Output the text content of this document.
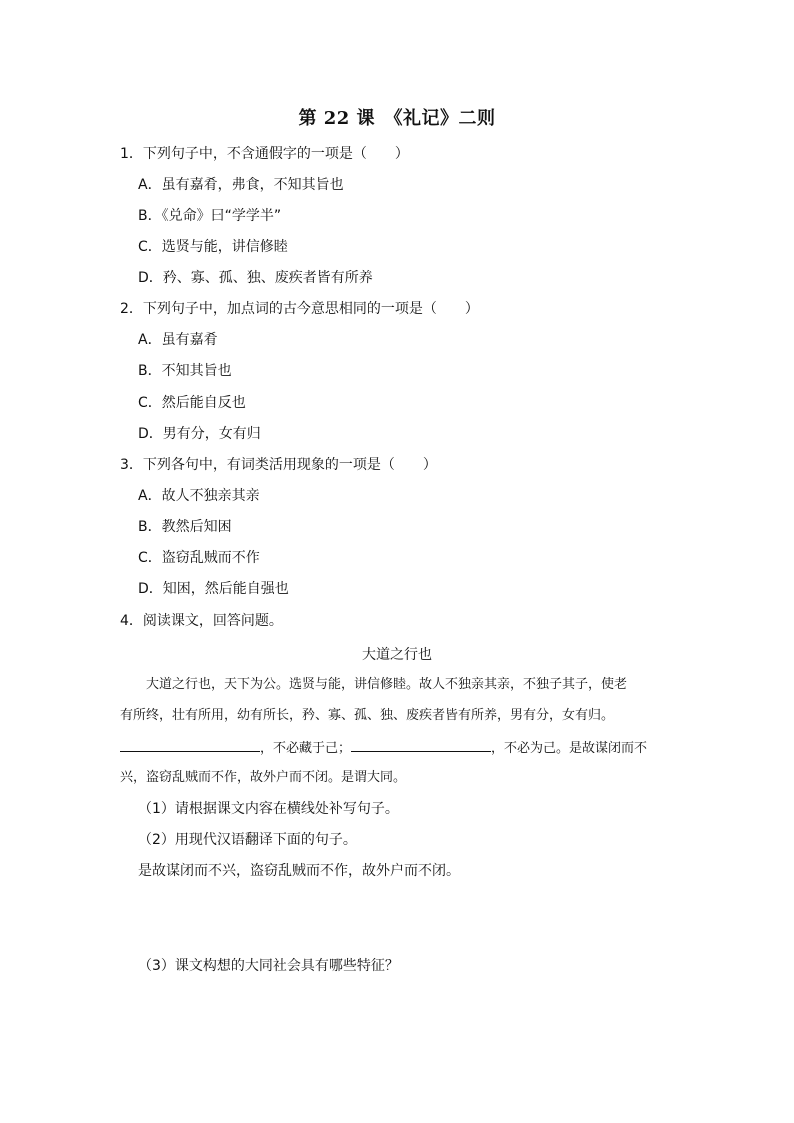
第 22 课　《礼记》二则
1．下列句子中，不含通假字的一项是（　　）
A．虽有嘉肴，弗食，不知其旨也
B．《兑命》曰“学学半”
C．选贤与能，讲信修睦
D．矜、寡、孤、独、废疾者皆有所养
2．下列句子中，加点词的古今意思相同的一项是（　　）
A．虽有嘉肴
B．不知其旨也
C．然后能自反也
D．男有分，女有归
3．下列各句中，有词类活用现象的一项是（　　）
A．故人不独亲其亲
B．教然后知困
C．盗窃乱贼而不作
D．知困，然后能自强也
4．阅读课文，回答问题。
大道之行也
　　大道之行也，天下为公。选贤与能，讲信修睦。故人不独亲其亲，不独子其子，使老
有所终，壮有所用，幼有所长，矜、寡、孤、独、废疾者皆有所养，男有分，女有归。
，不必藏于己；	，不必为己。是故谋闭而不
兴，盗窃乱贼而不作，故外户而不闭。是谓大同。
（1）请根据课文内容在横线处补写句子。
（2）用现代汉语翻译下面的句子。
是故谋闭而不兴，盗窃乱贼而不作，故外户而不闭。
（3）课文构想的大同社会具有哪些特征？
